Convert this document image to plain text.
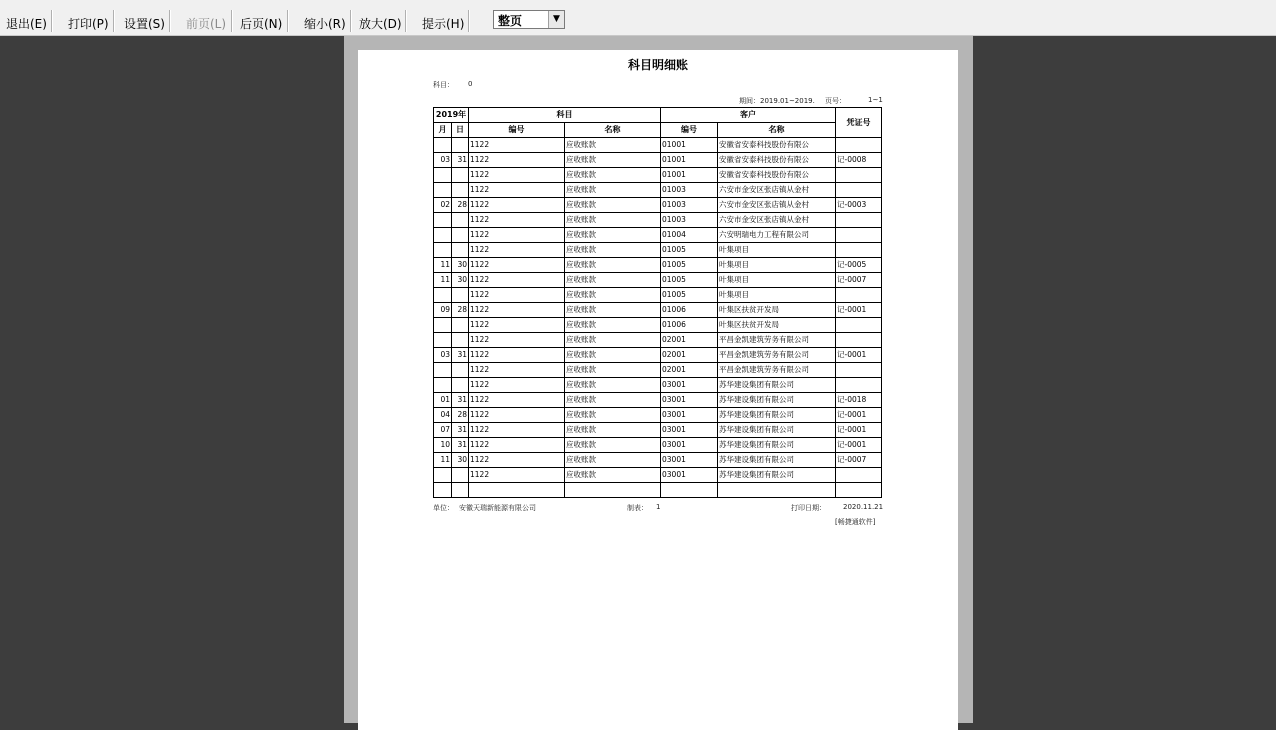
退出(E) 打印(P) 设置(S) 前页(L) 后页(N) 缩小(R) 放大(D) 提示(H)	整页	▼
科目明细账
科目： 0
期间：2019.01~2019. 页号：	1~1
2019年		科目		客户		凭证号
月	日	编号	名称	编号	名称	
		1122	应收账款	01001	安徽省安泰科技股份有限公	
03	31	1122	应收账款	01001	安徽省安泰科技股份有限公	记-0008
		1122	应收账款	01001	安徽省安泰科技股份有限公	
		1122	应收账款	01003	六安市金安区张店镇从金村	
02	28	1122	应收账款	01003	六安市金安区张店镇从金村	记-0003
		1122	应收账款	01003	六安市金安区张店镇从金村	
		1122	应收账款	01004	六安明瑞电力工程有限公司	
		1122	应收账款	01005	叶集项目	
11	30	1122	应收账款	01005	叶集项目	记-0005
11	30	1122	应收账款	01005	叶集项目	记-0007
		1122	应收账款	01005	叶集项目	
09	28	1122	应收账款	01006	叶集区扶贫开发局	记-0001
		1122	应收账款	01006	叶集区扶贫开发局	
		1122	应收账款	02001	平昌金凯建筑劳务有限公司	
03	31	1122	应收账款	02001	平昌金凯建筑劳务有限公司	记-0001
		1122	应收账款	02001	平昌金凯建筑劳务有限公司	
		1122	应收账款	03001	苏华建设集团有限公司	
01	31	1122	应收账款	03001	苏华建设集团有限公司	记-0018
04	28	1122	应收账款	03001	苏华建设集团有限公司	记-0001
07	31	1122	应收账款	03001	苏华建设集团有限公司	记-0001
10	31	1122	应收账款	03001	苏华建设集团有限公司	记-0001
11	30	1122	应收账款	03001	苏华建设集团有限公司	记-0007
		1122	应收账款	03001	苏华建设集团有限公司	

单位： 安徽天瑞新能源有限公司	制表： 1	打印日期： 2020.11.21
[畅捷通软件]
